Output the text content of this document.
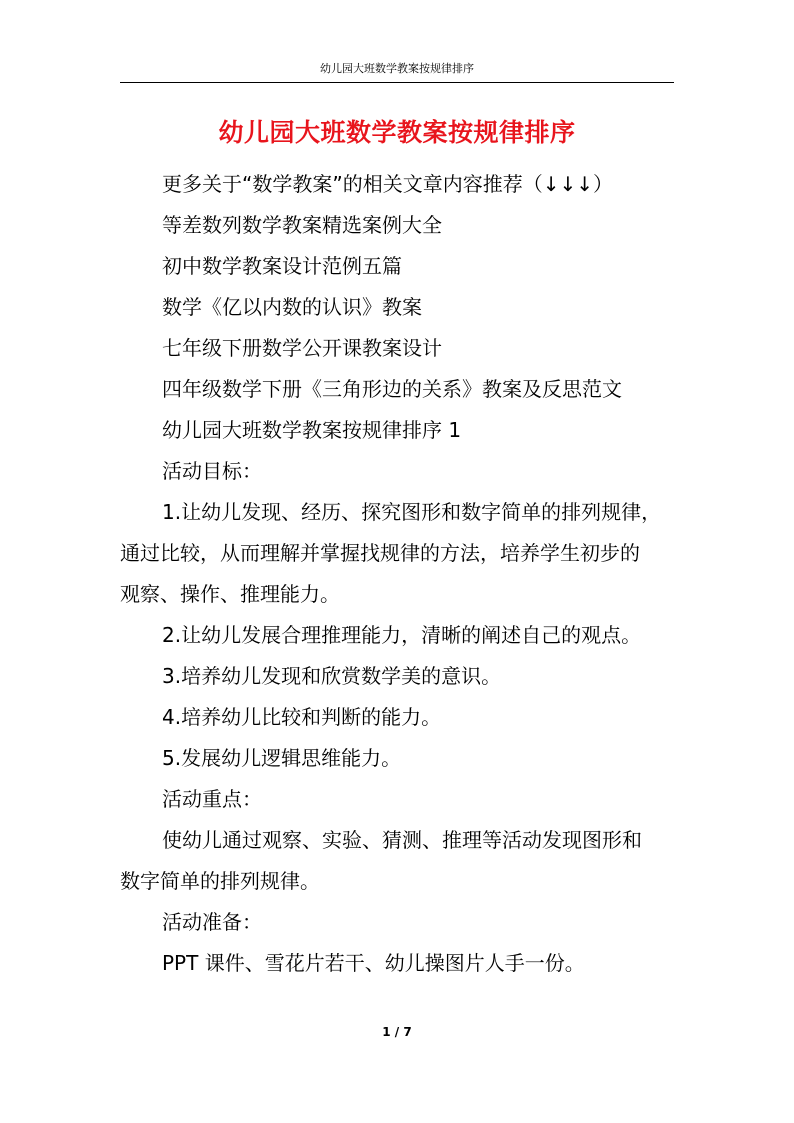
幼儿园大班数学教案按规律排序
幼儿园大班数学教案按规律排序
更多关于“数学教案”的相关文章内容推荐（↓↓↓）
等差数列数学教案精选案例大全
初中数学教案设计范例五篇
数学《亿以内数的认识》教案
七年级下册数学公开课教案设计
四年级数学下册《三角形边的关系》教案及反思范文
幼儿园大班数学教案按规律排序 1
活动目标：
1.让幼儿发现、经历、探究图形和数字简单的排列规律，
通过比较，从而理解并掌握找规律的方法，培养学生初步的
观察、操作、推理能力。
2.让幼儿发展合理推理能力，清晰的阐述自己的观点。
3.培养幼儿发现和欣赏数学美的意识。
4.培养幼儿比较和判断的能力。
5.发展幼儿逻辑思维能力。
活动重点：
使幼儿通过观察、实验、猜测、推理等活动发现图形和
数字简单的排列规律。
活动准备：
PPT 课件、雪花片若干、幼儿操图片人手一份。
1 / 7
